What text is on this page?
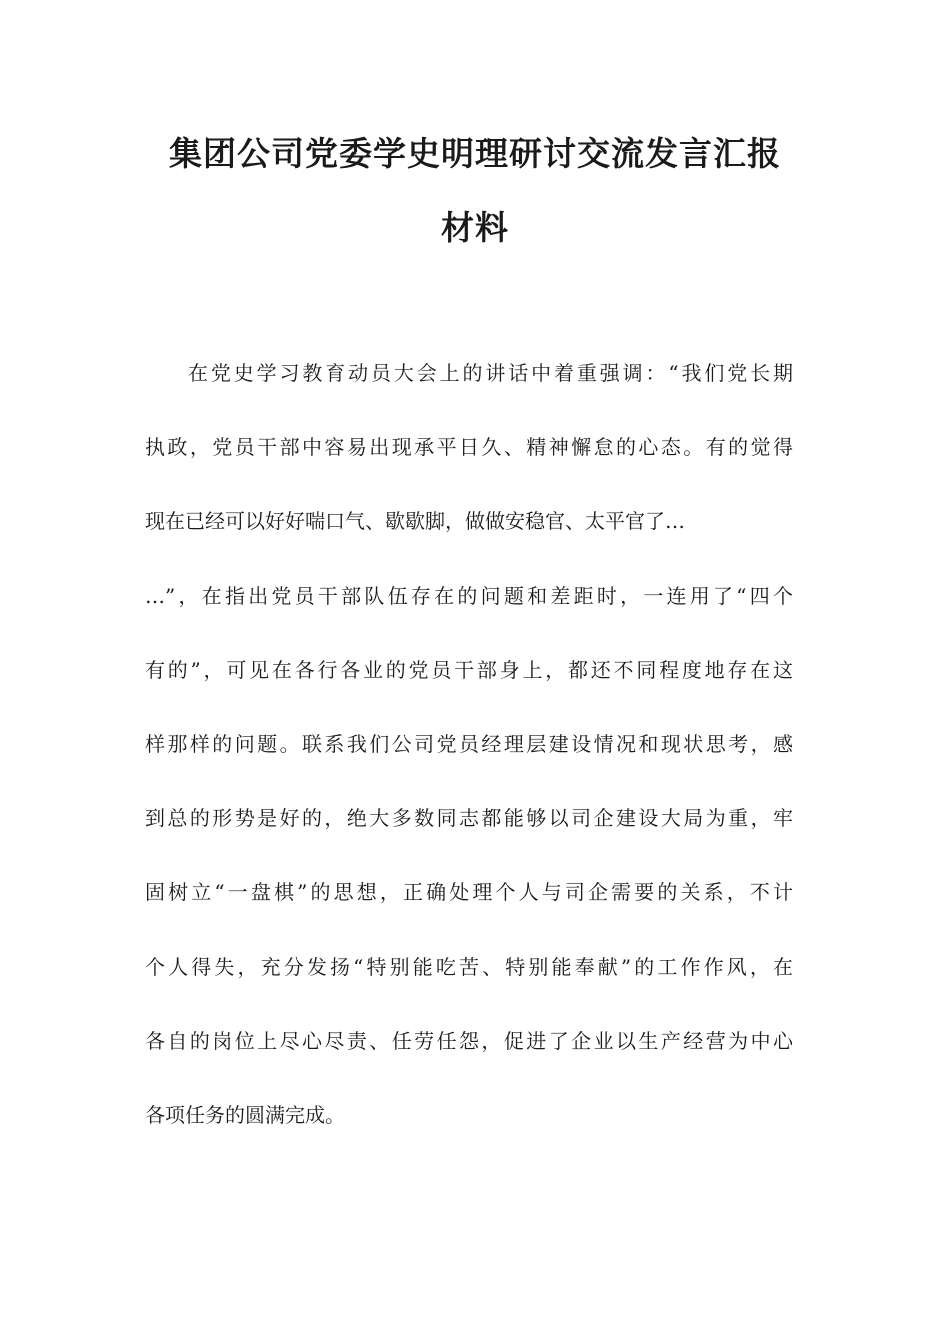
集团公司党委学史明理研讨交流发言汇报
材料
在党史学习教育动员大会上的讲话中着重强调：“我们党长期
执政，党员干部中容易出现承平日久、精神懈怠的心态。有的觉得
现在已经可以好好喘口气、歇歇脚，做做安稳官、太平官了…
…”，在指出党员干部队伍存在的问题和差距时，一连用了“四个
有的”，可见在各行各业的党员干部身上，都还不同程度地存在这
样那样的问题。联系我们公司党员经理层建设情况和现状思考，感
到总的形势是好的，绝大多数同志都能够以司企建设大局为重，牢
固树立“一盘棋”的思想，正确处理个人与司企需要的关系，不计
个人得失，充分发扬“特别能吃苦、特别能奉献”的工作作风，在
各自的岗位上尽心尽责、任劳任怨，促进了企业以生产经营为中心
各项任务的圆满完成。
